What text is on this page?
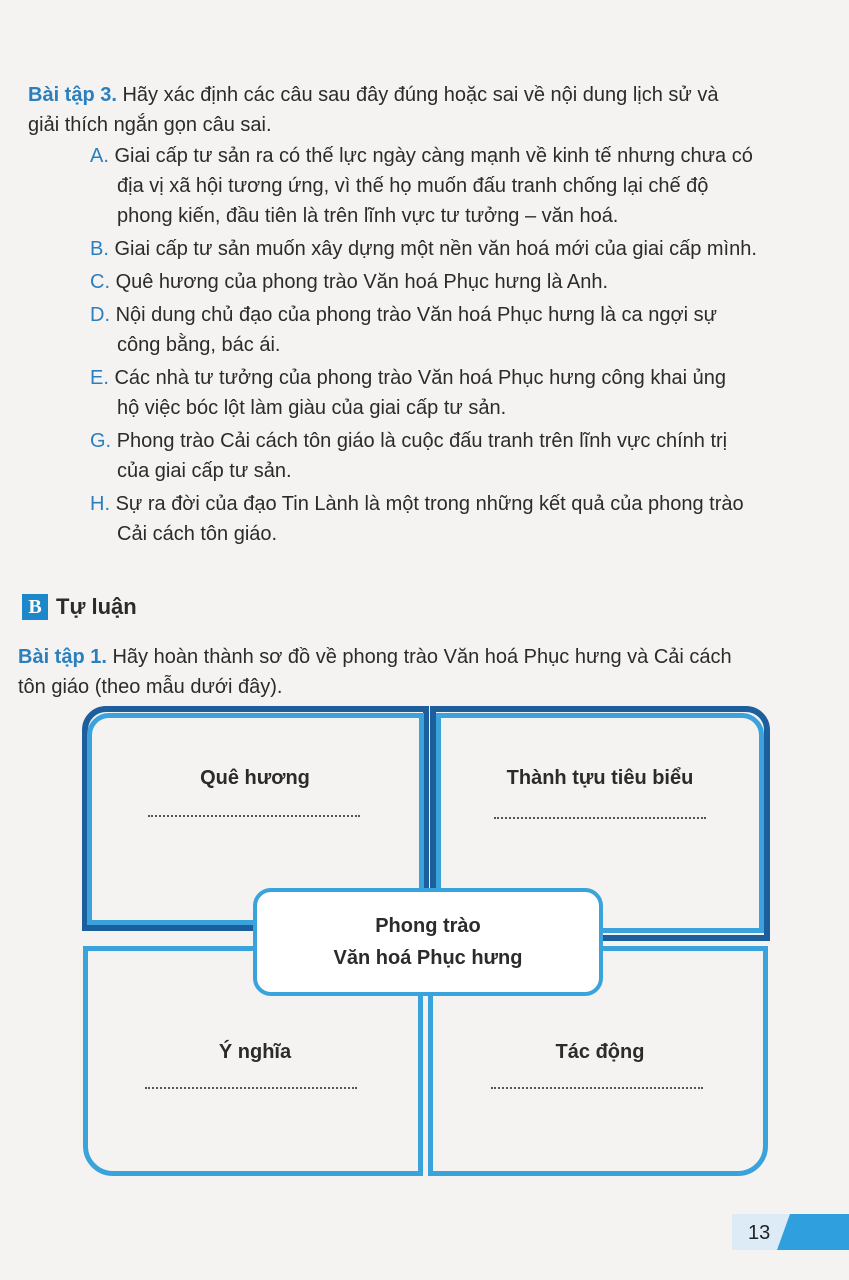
Bài tập 3. Hãy xác định các câu sau đây đúng hoặc sai về nội dung lịch sử và
giải thích ngắn gọn câu sai.
A. Giai cấp tư sản ra có thế lực ngày càng mạnh về kinh tế nhưng chưa có
địa vị xã hội tương ứng, vì thế họ muốn đấu tranh chống lại chế độ
phong kiến, đầu tiên là trên lĩnh vực tư tưởng – văn hoá.
B. Giai cấp tư sản muốn xây dựng một nền văn hoá mới của giai cấp mình.
C. Quê hương của phong trào Văn hoá Phục hưng là Anh.
D. Nội dung chủ đạo của phong trào Văn hoá Phục hưng là ca ngợi sự
công bằng, bác ái.
E. Các nhà tư tưởng của phong trào Văn hoá Phục hưng công khai ủng
hộ việc bóc lột làm giàu của giai cấp tư sản.
G. Phong trào Cải cách tôn giáo là cuộc đấu tranh trên lĩnh vực chính trị
của giai cấp tư sản.
H. Sự ra đời của đạo Tin Lành là một trong những kết quả của phong trào
Cải cách tôn giáo.
B Tự luận
Bài tập 1. Hãy hoàn thành sơ đồ về phong trào Văn hoá Phục hưng và Cải cách
tôn giáo (theo mẫu dưới đây).
Quê hương	Thành tựu tiêu biểu
Ý nghĩa	Tác động
Phong trào
Văn hoá Phục hưng
13
